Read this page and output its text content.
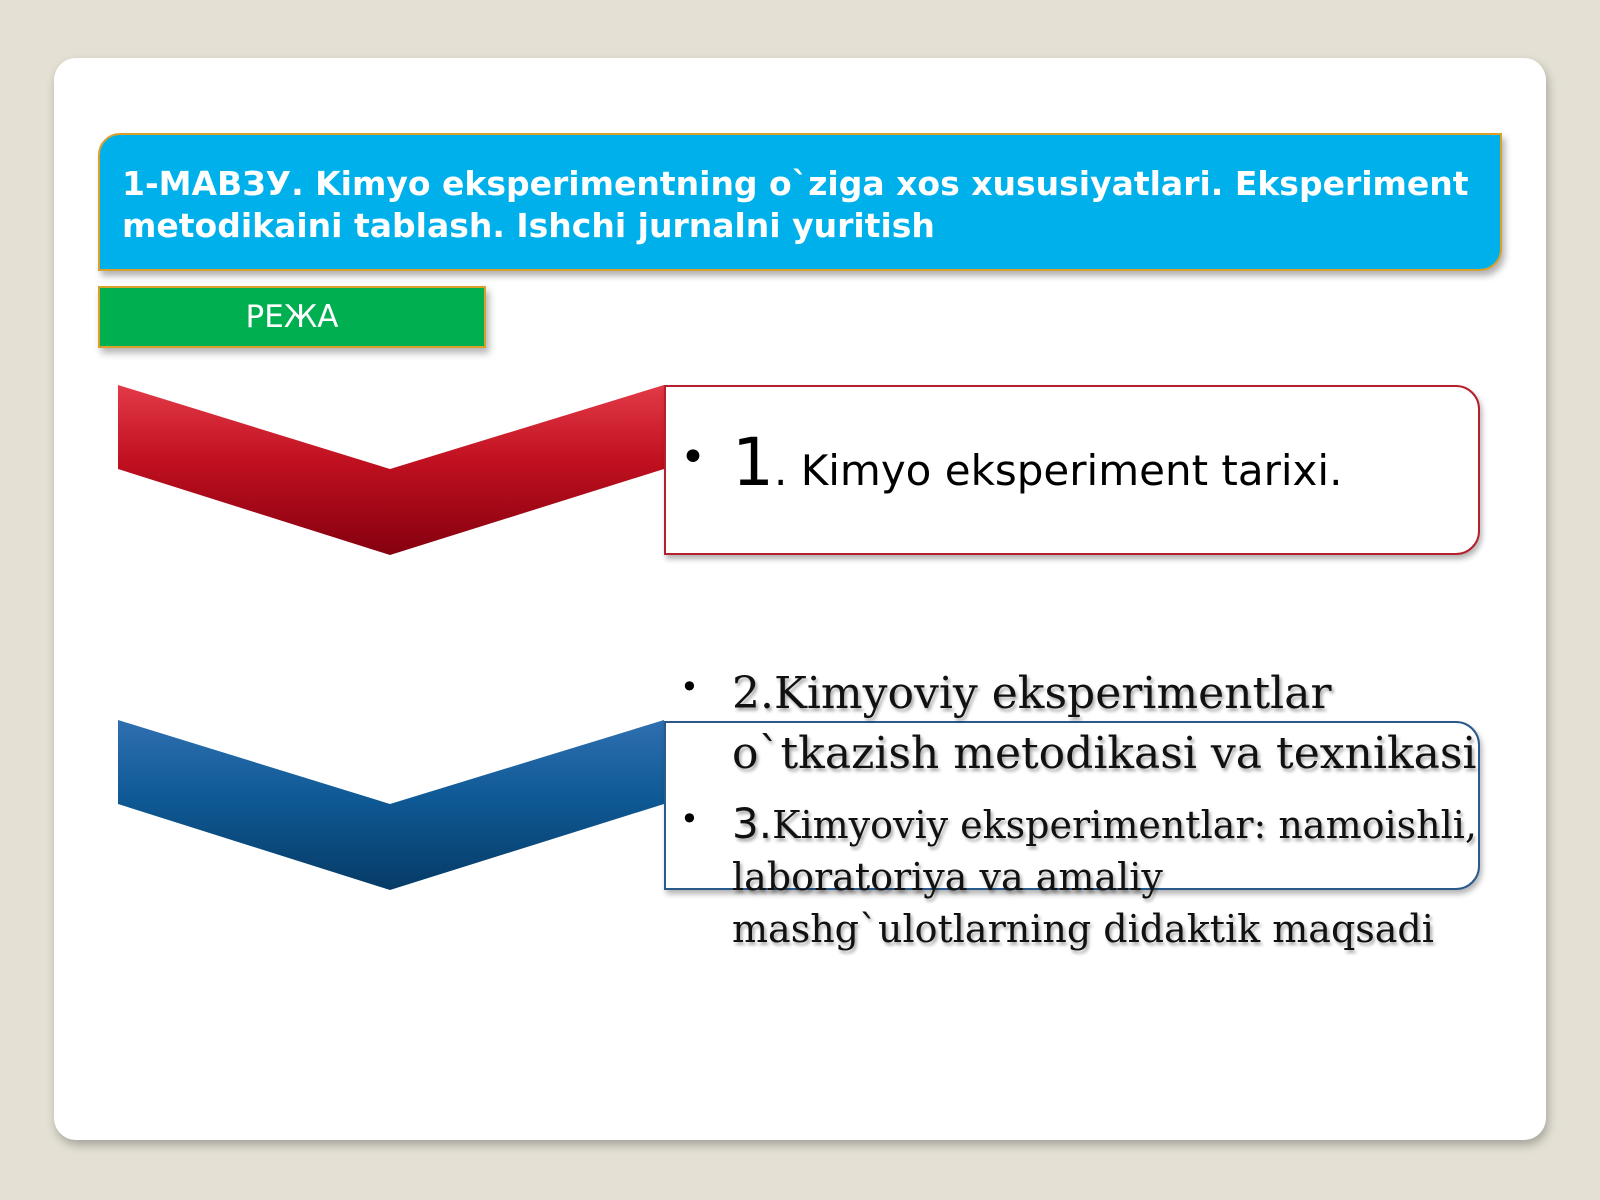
1-МАВЗУ. Kimyo eksperimentning o`ziga xos xususiyatlari. Eksperiment metodikaini tablash. Ishchi jurnalni yuritish
РЕЖА
• 1. Kimyo eksperiment tarixi.
• 2.Kimyoviy eksperimentlar o`tkazish metodikasi va texnikasi
• 3.Kimyoviy eksperimentlar: namoishli, laboratoriya va amaliy mashg`ulotlarning didaktik maqsadi
